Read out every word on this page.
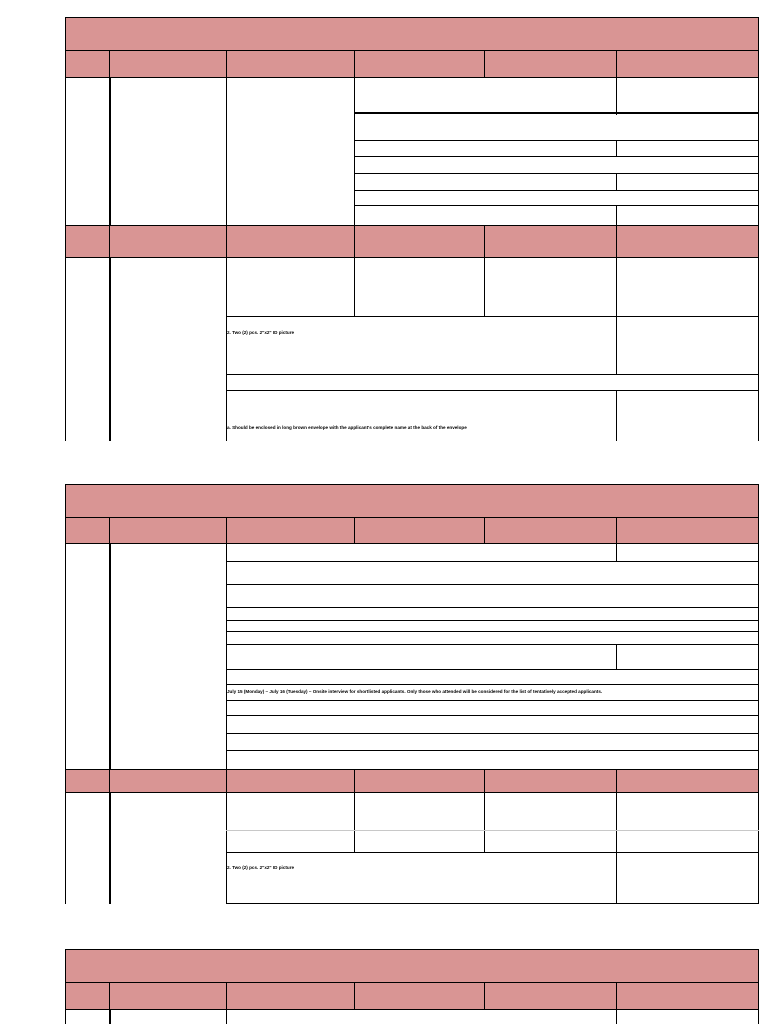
2. Two (2) pcs. 2"x2" ID picture
a. Should be enclosed in long brown envelope with the applicant's complete name at the back of the envelope
July 15 (Monday) – July 16 (Tuesday) – Onsite interview for shortlisted applicants. Only those who attended will be considered for the list of tentatively accepted applicants.
2. Two (2) pcs. 2"x2" ID picture
